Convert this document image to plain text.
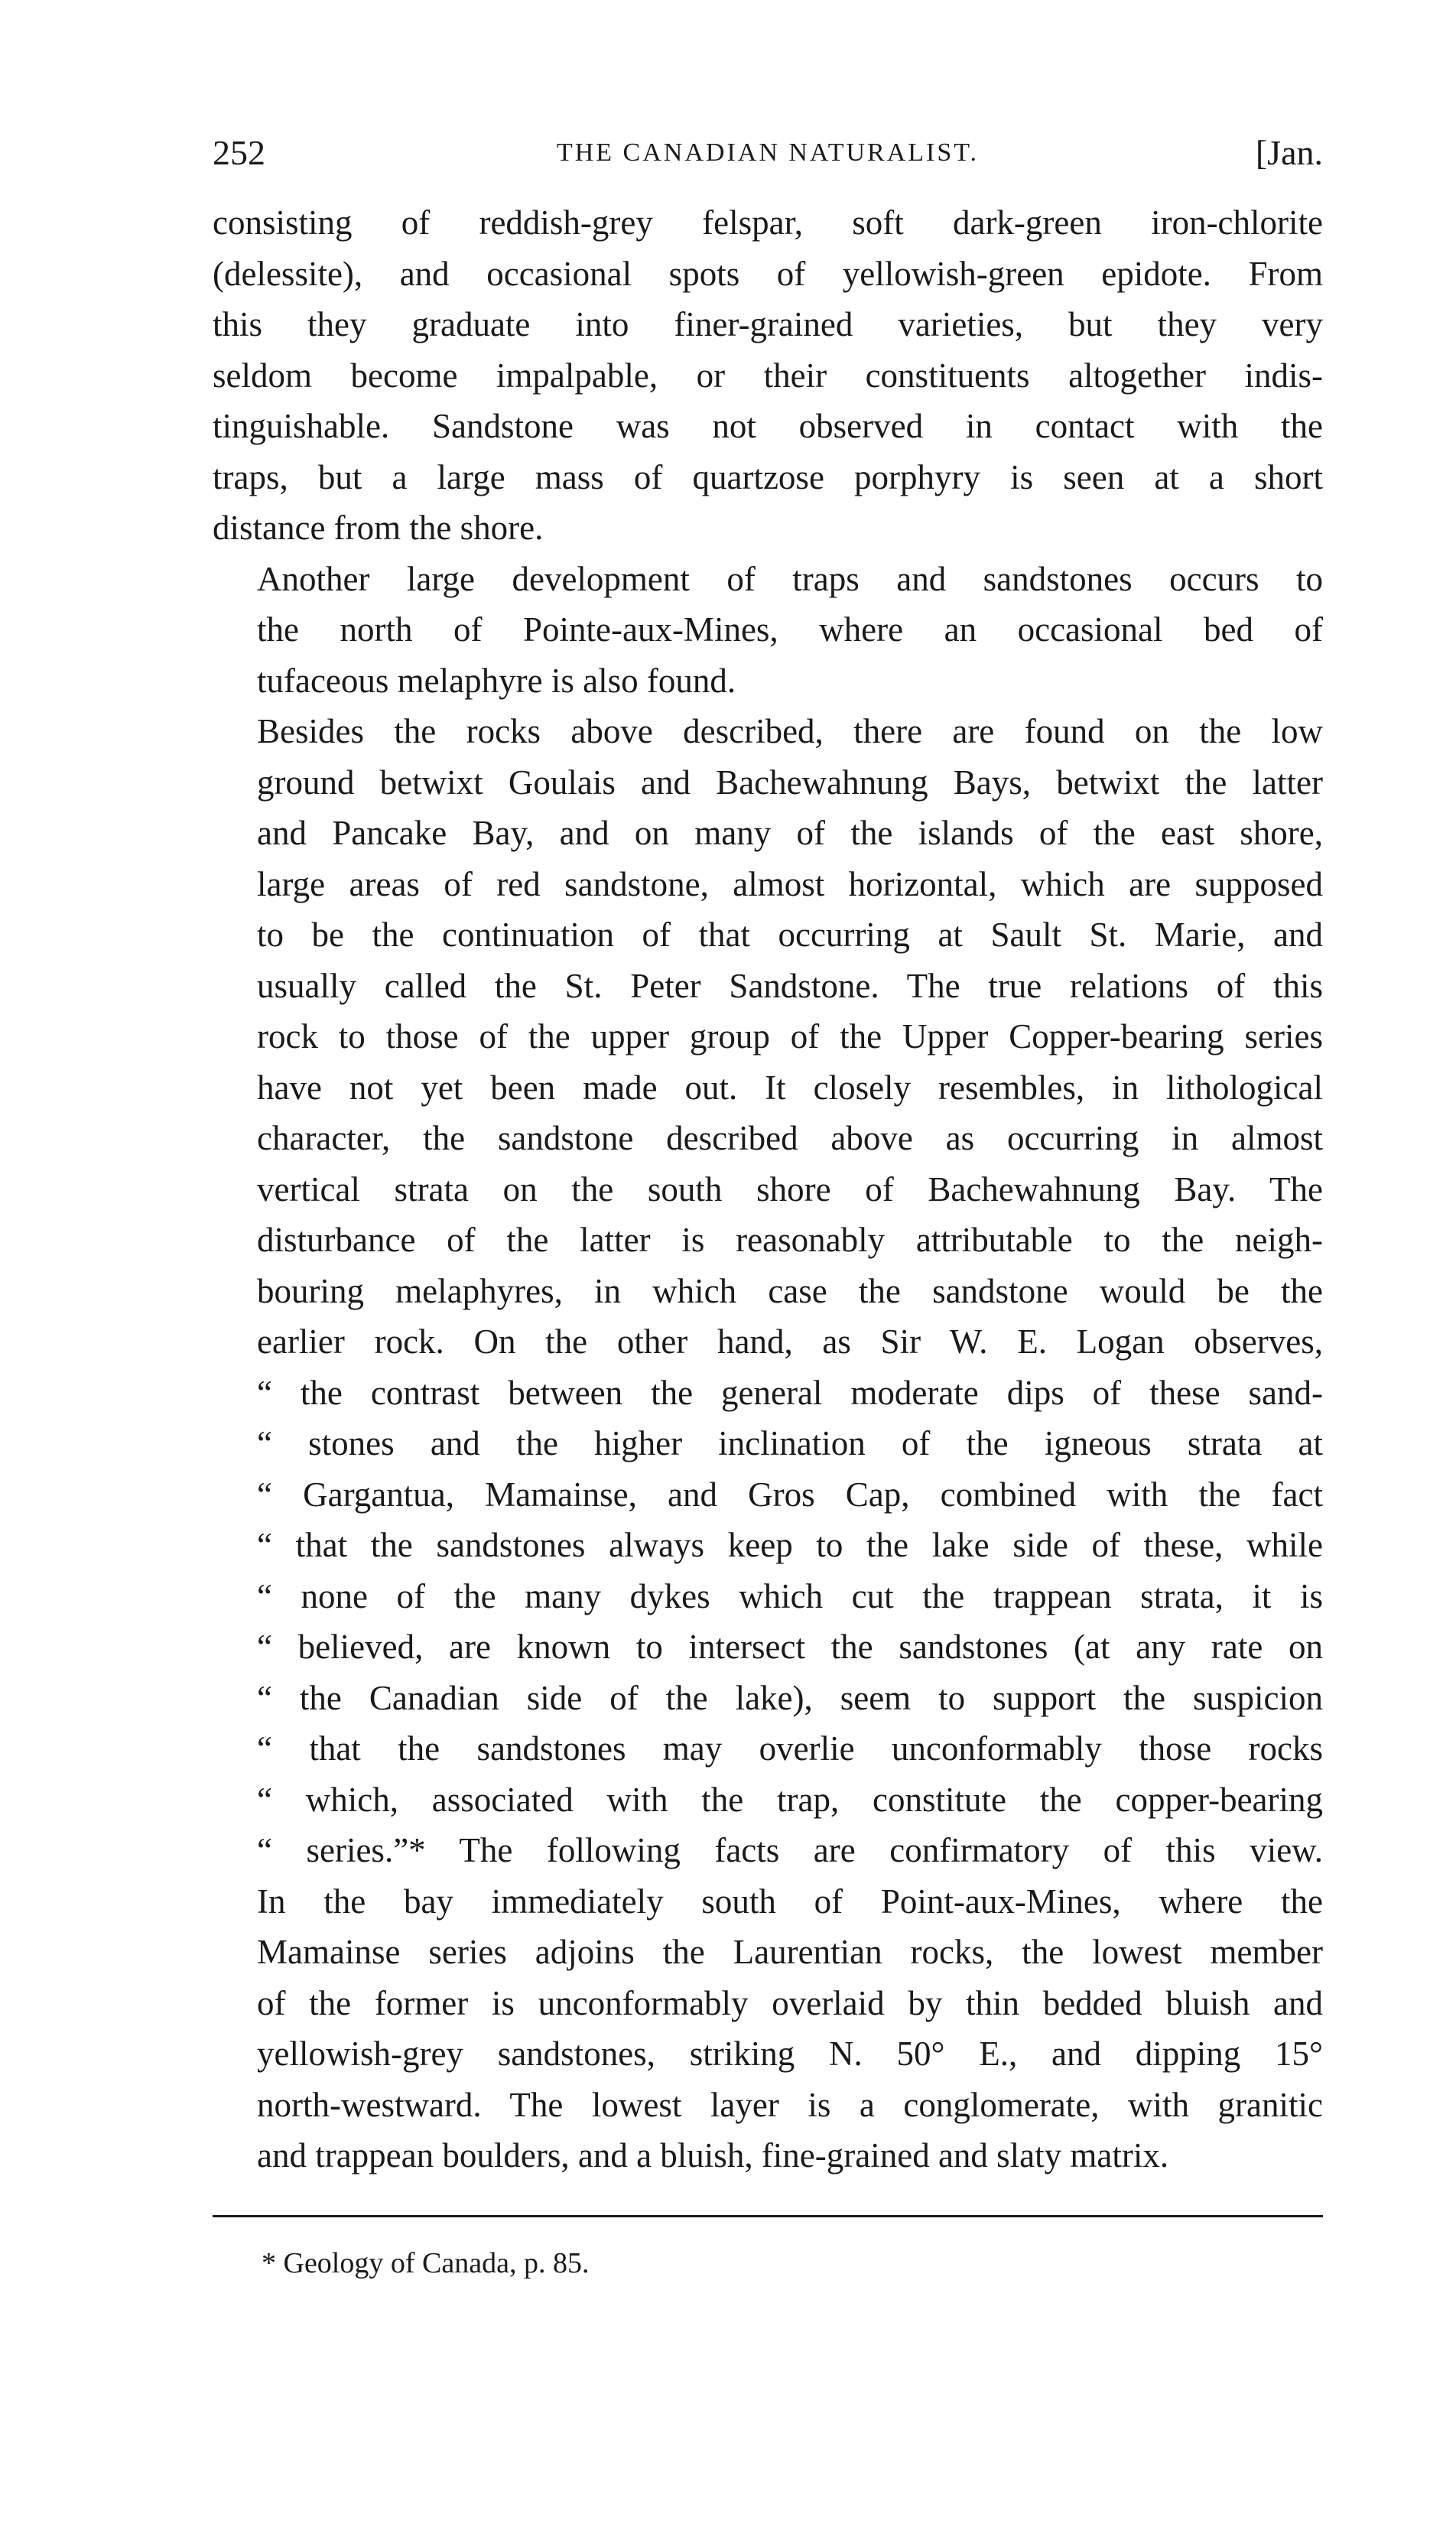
252	THE CANADIAN NATURALIST.	[Jan.
consisting of reddish-grey felspar, soft dark-green iron-chlorite
(delessite), and occasional spots of yellowish-green epidote. From
this they graduate into finer-grained varieties, but they very
seldom become impalpable, or their constituents altogether indis-
tinguishable. Sandstone was not observed in contact with the
traps, but a large mass of quartzose porphyry is seen at a short
distance from the shore.
Another large development of traps and sandstones occurs to
the north of Pointe-aux-Mines, where an occasional bed of
tufaceous melaphyre is also found.
Besides the rocks above described, there are found on the low
ground betwixt Goulais and Bachewahnung Bays, betwixt the latter
and Pancake Bay, and on many of the islands of the east shore,
large areas of red sandstone, almost horizontal, which are supposed
to be the continuation of that occurring at Sault St. Marie, and
usually called the St. Peter Sandstone. The true relations of this
rock to those of the upper group of the Upper Copper-bearing series
have not yet been made out. It closely resembles, in lithological
character, the sandstone described above as occurring in almost
vertical strata on the south shore of Bachewahnung Bay. The
disturbance of the latter is reasonably attributable to the neigh-
bouring melaphyres, in which case the sandstone would be the
earlier rock. On the other hand, as Sir W. E. Logan observes,
“ the contrast between the general moderate dips of these sand-
“ stones and the higher inclination of the igneous strata at
“ Gargantua, Mamainse, and Gros Cap, combined with the fact
“ that the sandstones always keep to the lake side of these, while
“ none of the many dykes which cut the trappean strata, it is
“ believed, are known to intersect the sandstones (at any rate on
“ the Canadian side of the lake), seem to support the suspicion
“ that the sandstones may overlie unconformably those rocks
“ which, associated with the trap, constitute the copper-bearing
“ series.”* The following facts are confirmatory of this view.
In the bay immediately south of Point-aux-Mines, where the
Mamainse series adjoins the Laurentian rocks, the lowest member
of the former is unconformably overlaid by thin bedded bluish and
yellowish-grey sandstones, striking N. 50° E., and dipping 15°
north-westward. The lowest layer is a conglomerate, with granitic
and trappean boulders, and a bluish, fine-grained and slaty matrix.
* Geology of Canada, p. 85.
